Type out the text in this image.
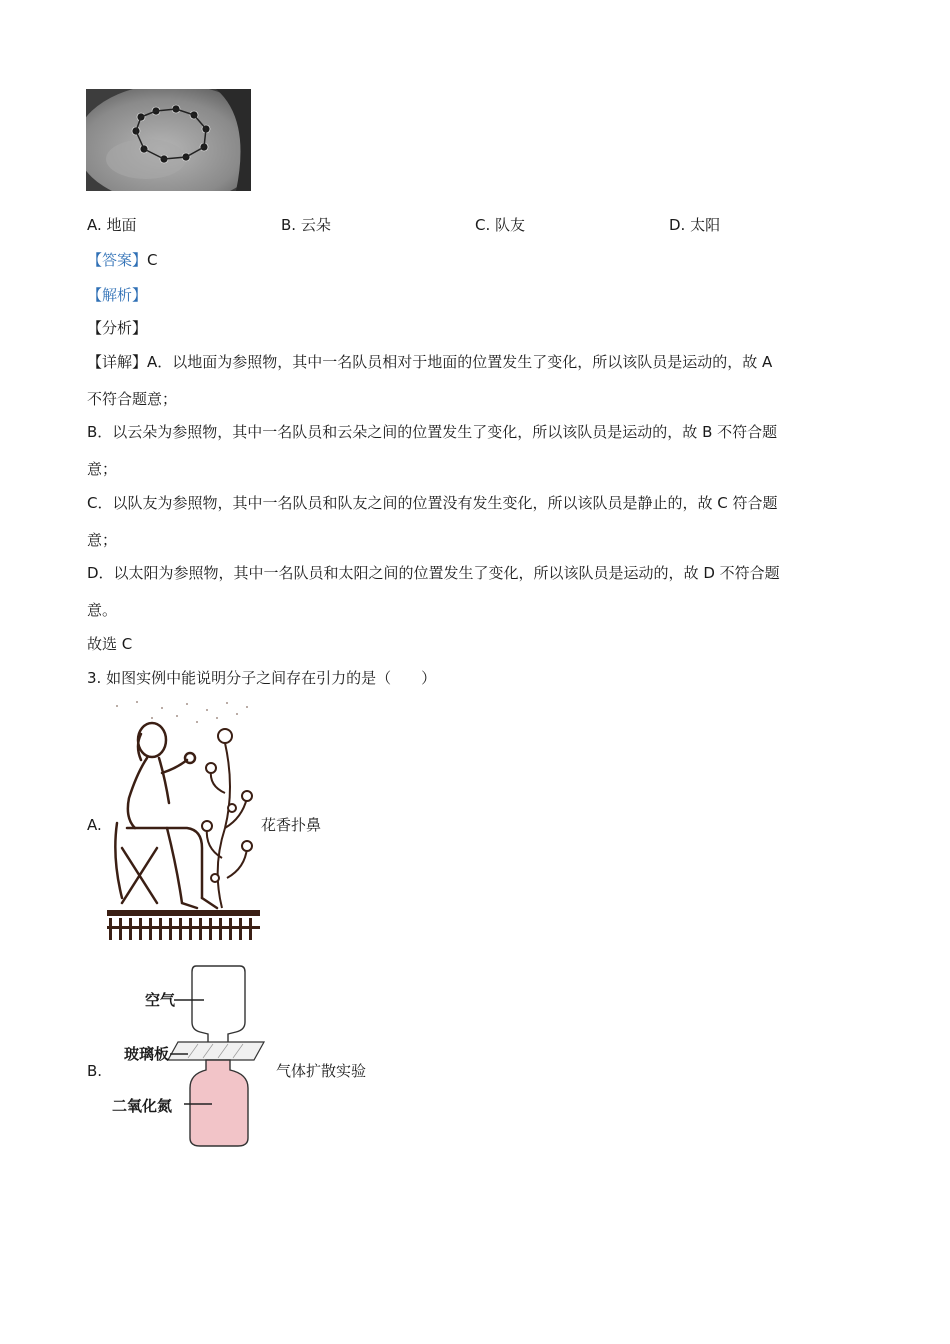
A. 地面	B. 云朵	C. 队友	D. 太阳
【答案】C
【解析】
【分析】
【详解】A．以地面为参照物，其中一名队员相对于地面的位置发生了变化，所以该队员是运动的，故 A
不符合题意；
B．以云朵为参照物，其中一名队员和云朵之间的位置发生了变化，所以该队员是运动的，故 B 不符合题
意；
C．以队友为参照物，其中一名队员和队友之间的位置没有发生变化，所以该队员是静止的，故 C 符合题
意；
D．以太阳为参照物，其中一名队员和太阳之间的位置发生了变化，所以该队员是运动的，故 D 不符合题
意。
故选 C
3. 如图实例中能说明分子之间存在引力的是（　　）
A.	花香扑鼻
B.
空气
玻璃板
二氧化氮
气体扩散实验
